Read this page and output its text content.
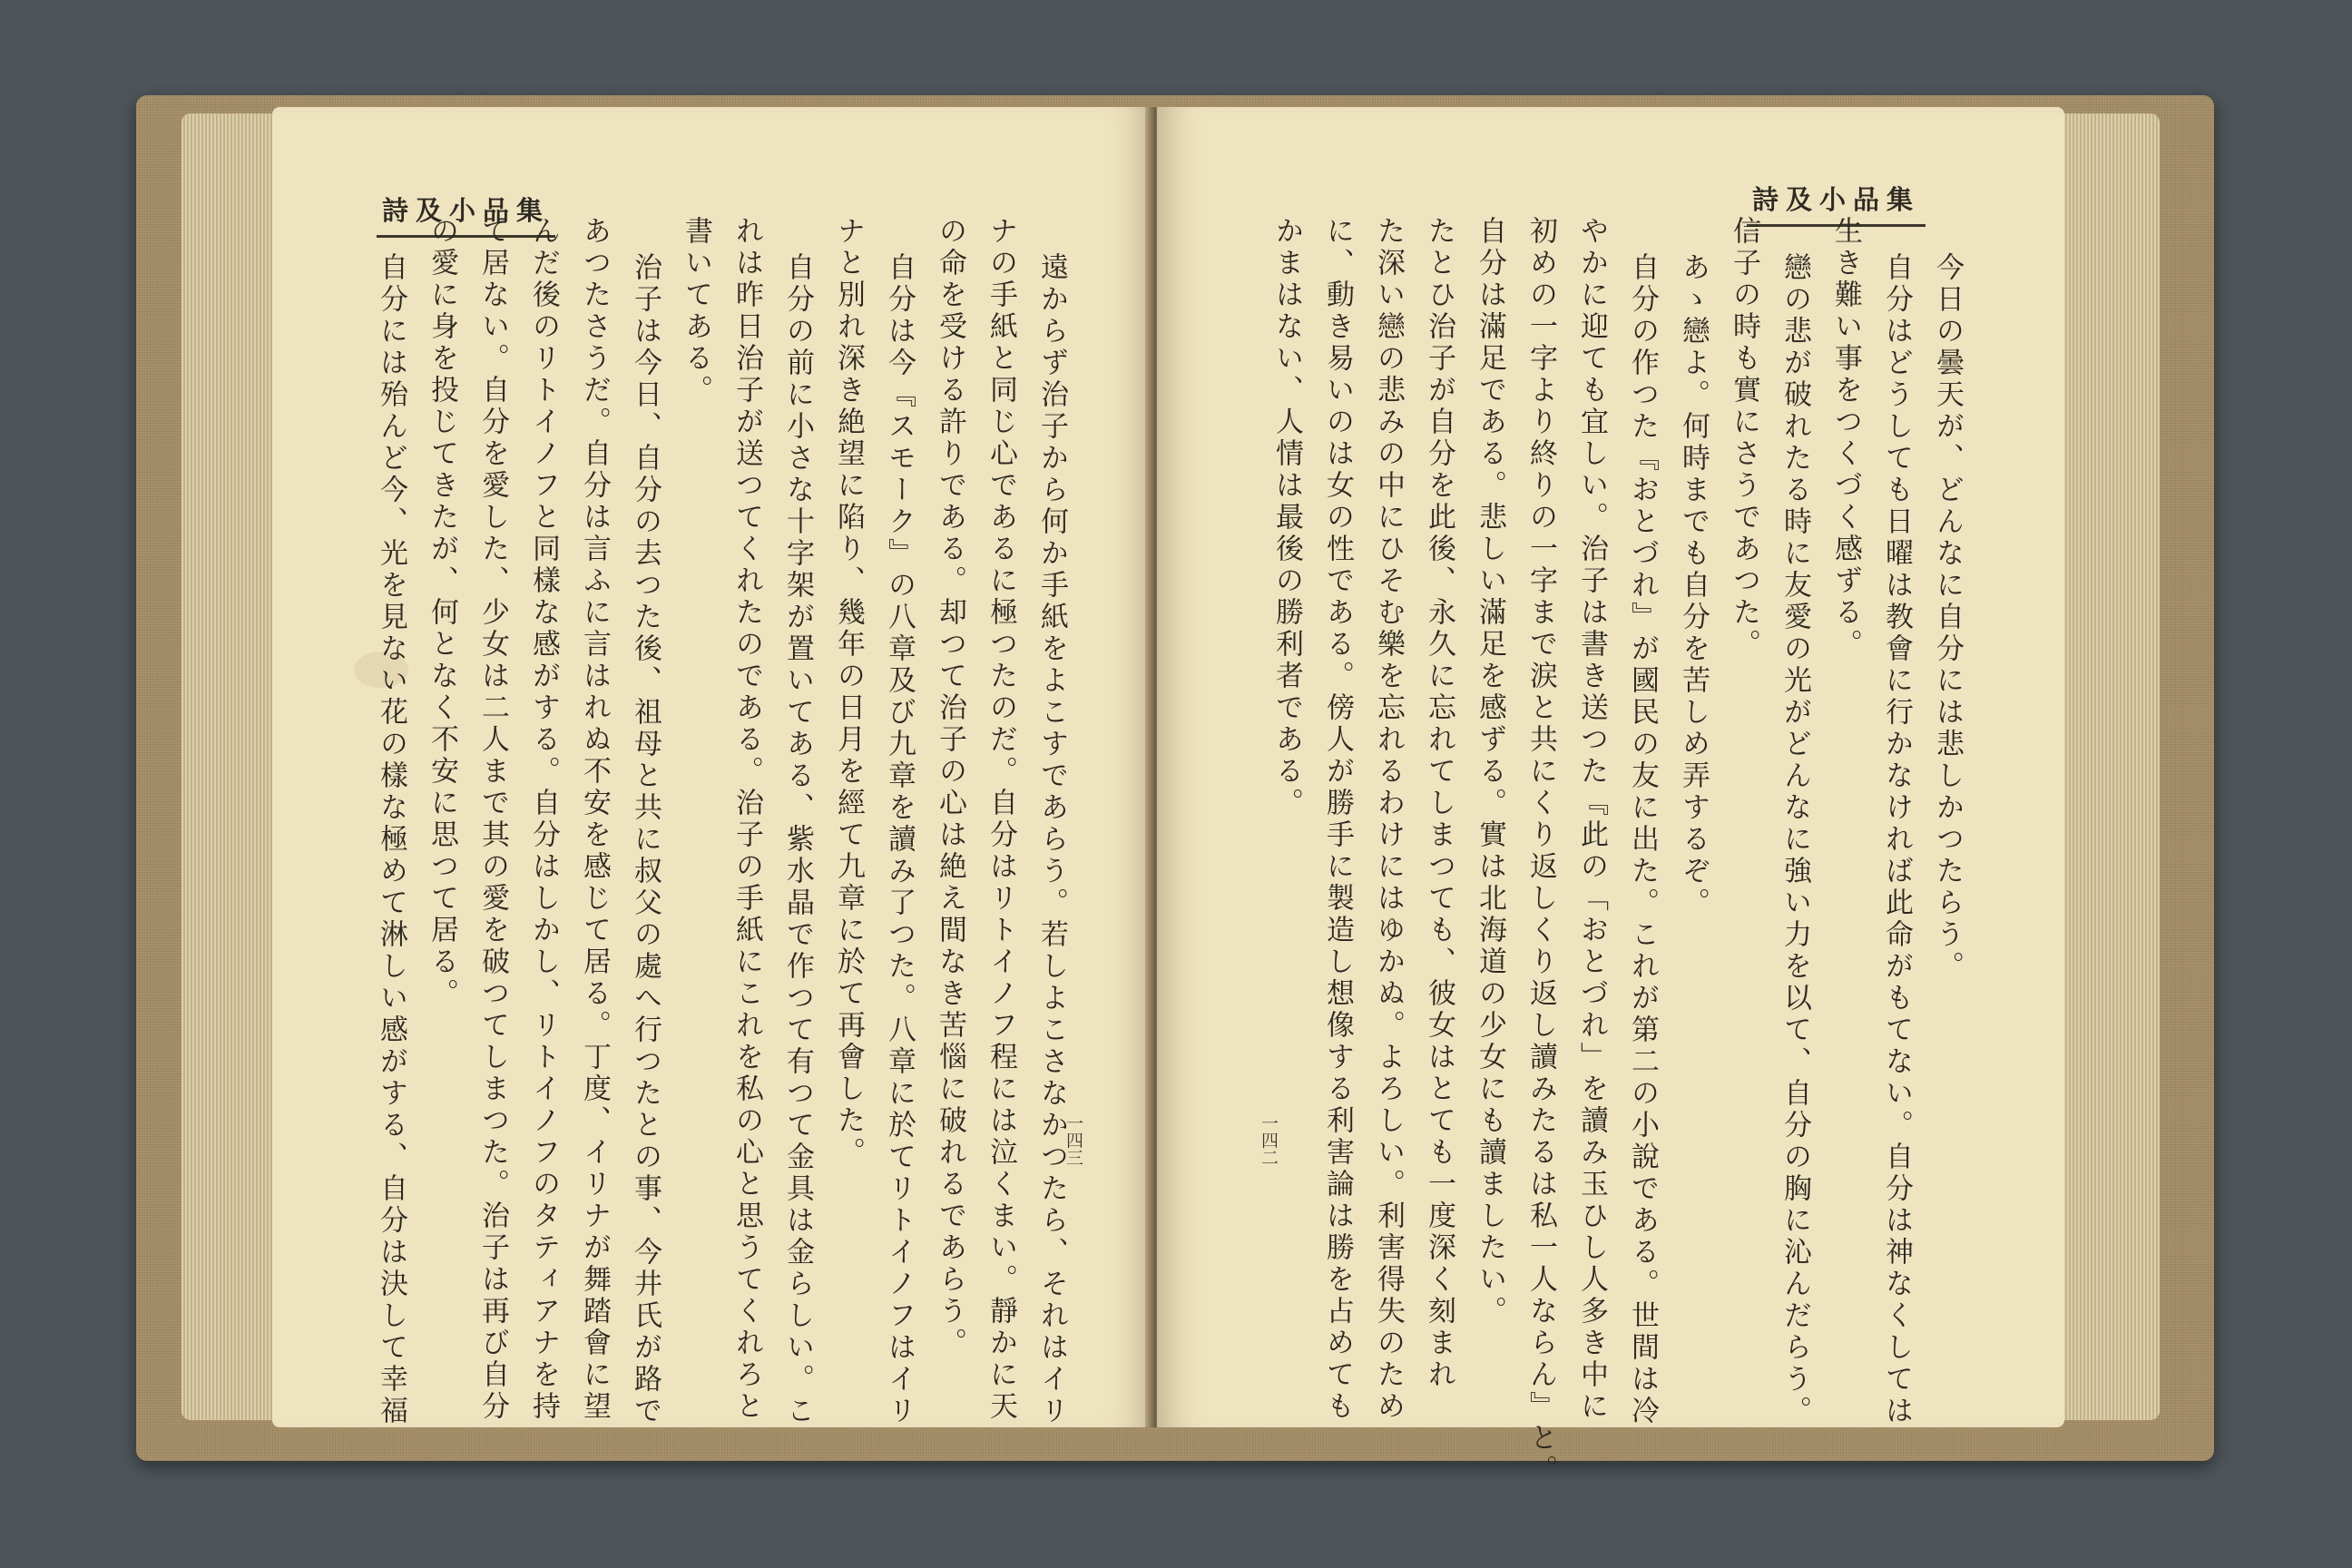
詩及小品集
遠からず治子から何か手紙をよこすであらう。若しよこさなかつたら、それはイリ
ナの手紙と同じ心であるに極つたのだ。自分はリトイノフ程には泣くまい。靜かに天
の命を受ける許りである。却つて治子の心は絶え間なき苦惱に破れるであらう。
自分は今『スモーク』の八章及び九章を讀み了つた。八章に於てリトイノフはイリ
ナと別れ深き絶望に陷り、幾年の日月を經て九章に於て再會した。
自分の前に小さな十字架が置いてある、紫水晶で作つて有つて金具は金らしい。こ
れは昨日治子が送つてくれたのである。治子の手紙にこれを私の心と思うてくれろと
書いてある。
治子は今日、自分の去つた後、祖母と共に叔父の處へ行つたとの事、今井氏が路で
あつたさうだ。自分は言ふに言はれぬ不安を感じて居る。丁度、イリナが舞踏會に望
んだ後のリトイノフと同樣な感がする。自分はしかし、リトイノフのタティアナを持
て居ない。自分を愛した、少女は二人まで其の愛を破つてしまつた。治子は再び自分
の愛に身を投じてきたが、何となく不安に思つて居る。
自分には殆んど今、光を見ない花の樣な極めて淋しい感がする、自分は決して幸福	一四三
詩及小品集
今日の曇天が、どんなに自分には悲しかつたらう。
自分はどうしても日曜は教會に行かなければ此命がもてない。自分は神なくしては
生き難い事をつくづく感ずる。
戀の悲が破れたる時に友愛の光がどんなに強い力を以て、自分の胸に沁んだらう。
信子の時も實にさうであつた。
あゝ戀よ。何時までも自分を苦しめ弄するぞ。
自分の作つた『おとづれ』が國民の友に出た。これが第二の小說である。世間は冷
やかに迎ても宜しい。治子は書き送つた『此の「おとづれ」を讀み玉ひし人多き中に
初めの一字より終りの一字まで涙と共にくり返しくり返し讀みたるは私一人ならん』と。
自分は滿足である。悲しい滿足を感ずる。實は北海道の少女にも讀ましたい。
たとひ治子が自分を此後、永久に忘れてしまつても、彼女はとても一度深く刻まれ
た深い戀の悲みの中にひそむ樂を忘れるわけにはゆかぬ。よろしい。利害得失のため
に、動き易いのは女の性である。傍人が勝手に製造し想像する利害論は勝を占めても
かまはない、人情は最後の勝利者である。
一四二
